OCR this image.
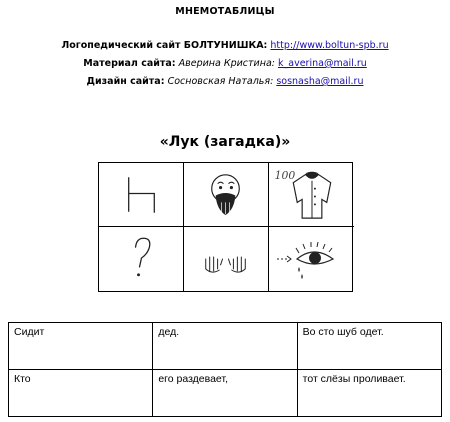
МНЕМОТАБЛИЦЫ
Логопедический сайт БОЛТУНИШКА: http://www.boltun-spb.ru
Материал сайта: Аверина Кристина: k_averina@mail.ru
Дизайн сайта: Сосновская Наталья: sosnasha@mail.ru
«Лук (загадка)»
100
Сидит	дед.	Во сто шуб одет.
Кто	его раздевает,	тот слёзы проливает.
